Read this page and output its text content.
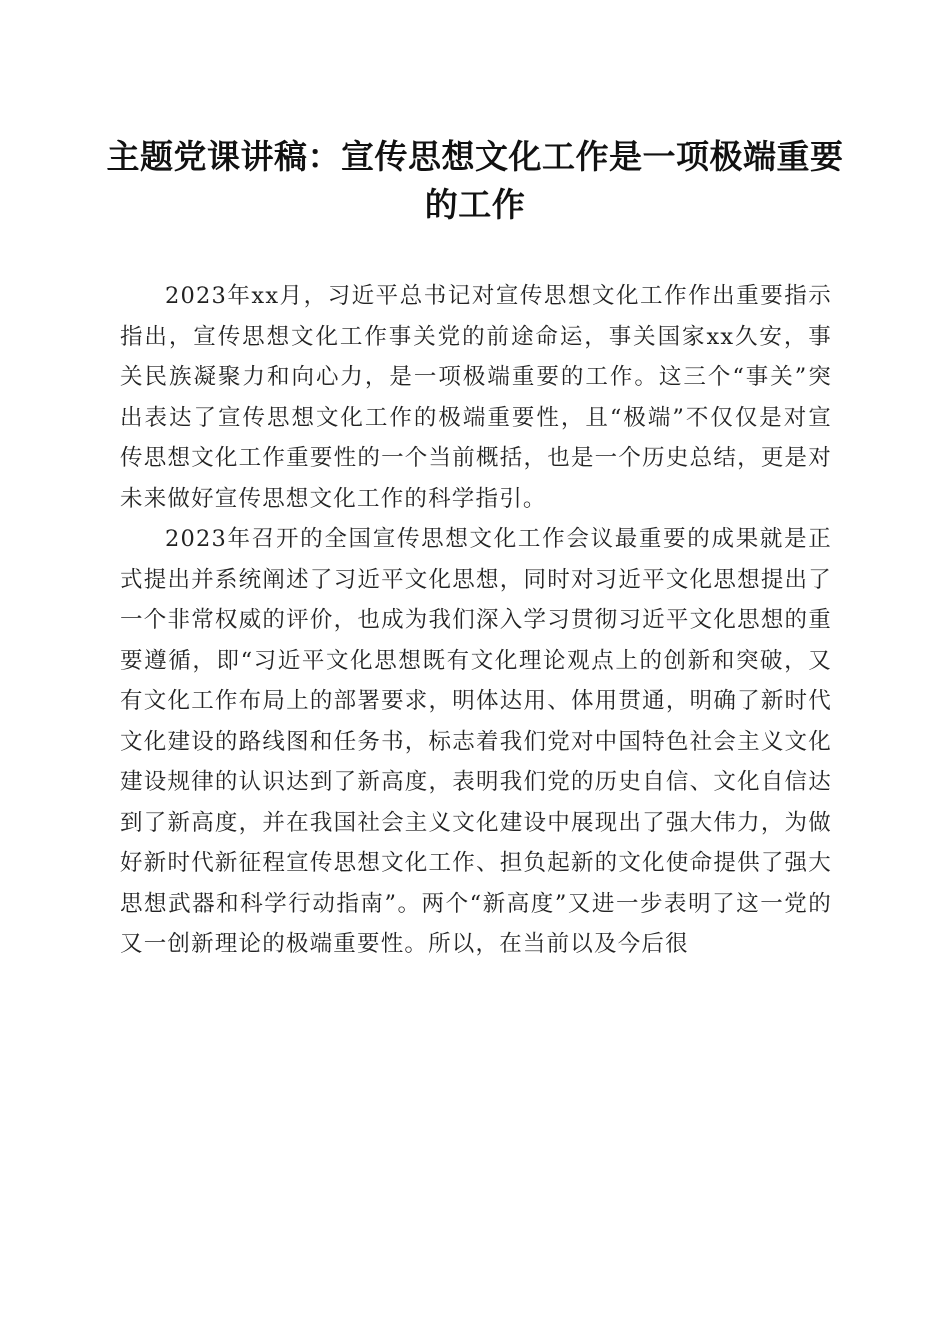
主题党课讲稿：宣传思想文化工作是一项极端重要的工作

2023年xx月，习近平总书记对宣传思想文化工作作出重要指示指出，宣传思想文化工作事关党的前途命运，事关国家xx久安，事关民族凝聚力和向心力，是一项极端重要的工作。这三个“事关”突出表达了宣传思想文化工作的极端重要性，且“极端”不仅仅是对宣传思想文化工作重要性的一个当前概括，也是一个历史总结，更是对未来做好宣传思想文化工作的科学指引。

2023年召开的全国宣传思想文化工作会议最重要的成果就是正式提出并系统阐述了习近平文化思想，同时对习近平文化思想提出了一个非常权威的评价，也成为我们深入学习贯彻习近平文化思想的重要遵循，即“习近平文化思想既有文化理论观点上的创新和突破，又有文化工作布局上的部署要求，明体达用、体用贯通，明确了新时代文化建设的路线图和任务书，标志着我们党对中国特色社会主义文化建设规律的认识达到了新高度，表明我们党的历史自信、文化自信达到了新高度，并在我国社会主义文化建设中展现出了强大伟力，为做好新时代新征程宣传思想文化工作、担负起新的文化使命提供了强大思想武器和科学行动指南”。两个“新高度”又进一步表明了这一党的又一创新理论的极端重要性。所以，在当前以及今后很
